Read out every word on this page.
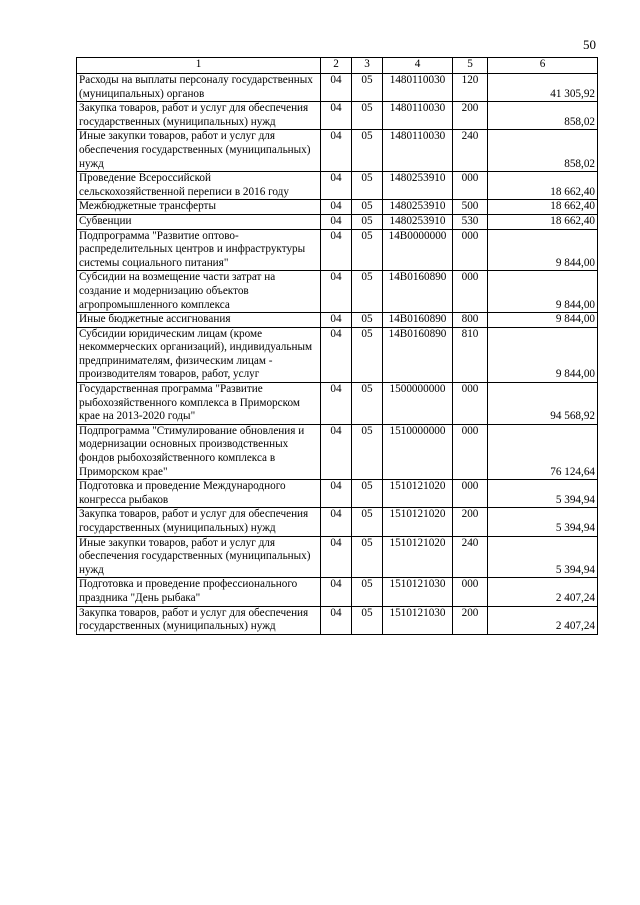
50
1	2	3	4	5	6
Расходы на выплаты персоналу государственных (муниципальных) органов	04	05	1480110030	120	41 305,92
Закупка товаров, работ и услуг для обеспечения государственных (муниципальных) нужд	04	05	1480110030	200	858,02
Иные закупки товаров, работ и услуг для обеспечения государственных (муниципальных) нужд	04	05	1480110030	240	858,02
Проведение Всероссийской сельскохозяйственной переписи в 2016 году	04	05	1480253910	000	18 662,40
Межбюджетные трансферты	04	05	1480253910	500	18 662,40
Субвенции	04	05	1480253910	530	18 662,40
Подпрограмма "Развитие оптово-распределительных центров и инфраструктуры системы социального питания"	04	05	14В0000000	000	9 844,00
Субсидии на возмещение части затрат на создание и модернизацию объектов агропромышленного комплекса	04	05	14В0160890	000	9 844,00
Иные бюджетные ассигнования	04	05	14В0160890	800	9 844,00
Субсидии юридическим лицам (кроме некоммерческих организаций), индивидуальным предпринимателям, физическим лицам - производителям товаров, работ, услуг	04	05	14В0160890	810	9 844,00
Государственная программа "Развитие рыбохозяйственного комплекса в Приморском крае на 2013-2020 годы"	04	05	1500000000	000	94 568,92
Подпрограмма "Стимулирование обновления и модернизации основных производственных фондов рыбохозяйственного комплекса в Приморском крае"	04	05	1510000000	000	76 124,64
Подготовка и проведение Международного конгресса рыбаков	04	05	1510121020	000	5 394,94
Закупка товаров, работ и услуг для обеспечения государственных (муниципальных) нужд	04	05	1510121020	200	5 394,94
Иные закупки товаров, работ и услуг для обеспечения государственных (муниципальных) нужд	04	05	1510121020	240	5 394,94
Подготовка и проведение профессионального праздника "День рыбака"	04	05	1510121030	000	2 407,24
Закупка товаров, работ и услуг для обеспечения государственных (муниципальных) нужд	04	05	1510121030	200	2 407,24
